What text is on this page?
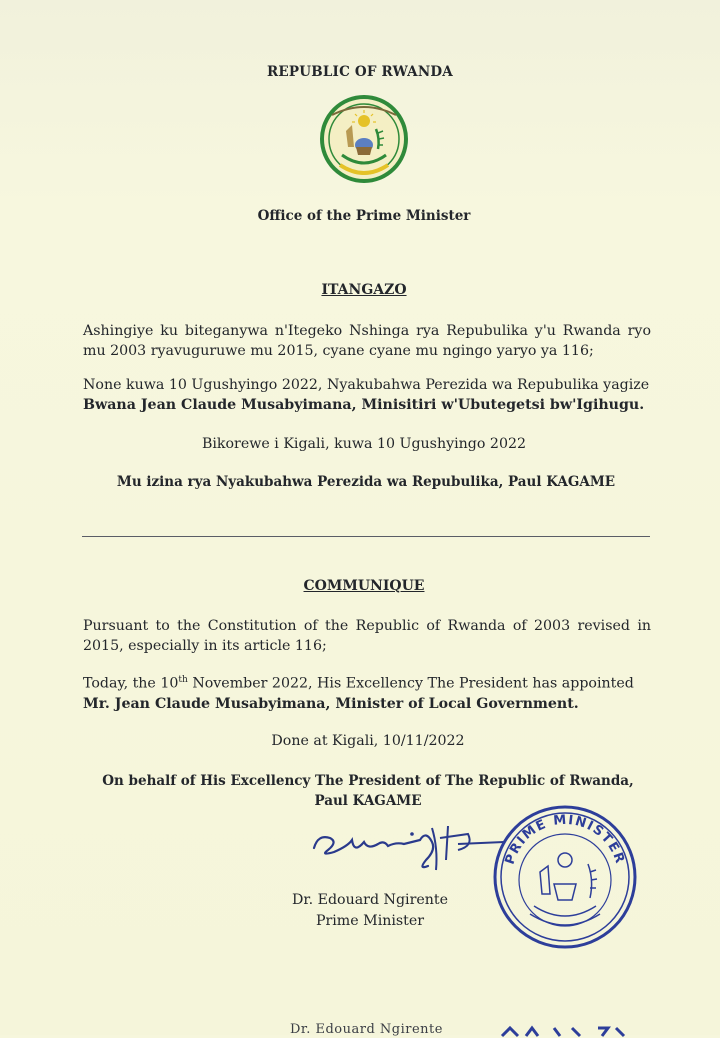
REPUBLIC OF RWANDA
Office of the Prime Minister
ITANGAZO
Ashingiye ku biteganywa n'Itegeko Nshinga rya Repubulika y'u Rwanda ryo mu 2003 ryavuguruwe mu 2015, cyane cyane mu ngingo yaryo ya 116;
None kuwa 10 Ugushyingo 2022, Nyakubahwa Perezida wa Repubulika yagize
Bwana Jean Claude Musabyimana, Minisitiri w'Ubutegetsi bw'Igihugu.
Bikorewe i Kigali, kuwa 10 Ugushyingo 2022
Mu izina rya Nyakubahwa Perezida wa Repubulika, Paul KAGAME
COMMUNIQUE
Pursuant to the Constitution of the Republic of Rwanda of 2003 revised in 2015, especially in its article 116;
Today, the 10th November 2022, His Excellency The President has appointed
Mr. Jean Claude Musabyimana, Minister of Local Government.
Done at Kigali, 10/11/2022
On behalf of His Excellency The President of The Republic of Rwanda,
Paul KAGAME
PRIME MINISTER
Dr. Edouard Ngirente
Prime Minister
Dr. Edouard Ngirente
